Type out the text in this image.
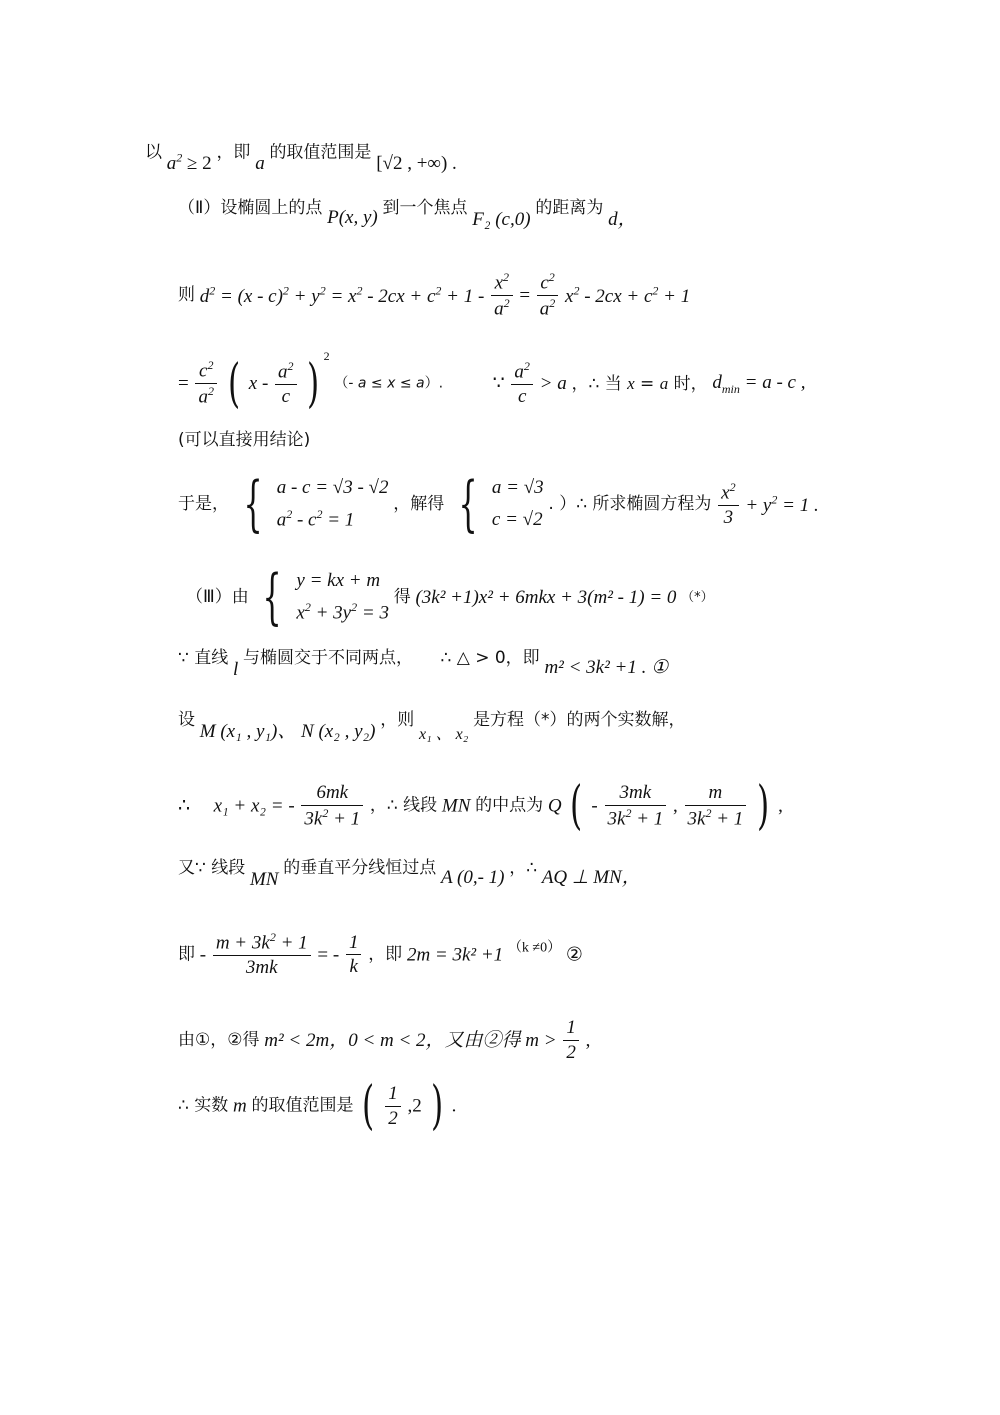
以 $a^2 \ge 2$ ，即 a 的取值范围是 [√2 , +∞) .
（Ⅱ）设椭圆上的点 P(x, y) 到一个焦点 F₂ (c,0) 的距离为 d，
则 $d^2 = (x - c)^2 + y^2 = x^2 - 2cx + c^2 + 1 - \frac{x^2}{a^2} = \frac{c^2}{a^2} x^2 - 2cx + c^2 + 1$
= $\frac{c^2}{a^2}$ ( x - $\frac{a^2}{c}$ ) $^2$ （- a ≤ x ≤ a）.	∵ $\frac{a^2}{c} > a$ ，∴ 当 x = a 时， $d_{min} = a - c$ ,
(可以直接用结论)
于是， { a - c = √3 - √2
$a^2 - c^2 = 1$ ，解得 { a = √3
c = √2 . ）∴ 所求椭圆方程为 $\frac{x^2}{3} + y^2 = 1$ .
（Ⅲ）由 { y = kx + m
$x^2 + 3y^2 = 3$ 得 (3k² +1)x² + 6mkx + 3(m² - 1) = 0 （*）
∵ 直线 l 与椭圆交于不同两点， ∴ △ > 0，即 m² < 3k² +1 . ①
设 M (x₁ , y₁)、 N (x₂ , y₂) ，则 $_{x_1 、 x_2}$ 是方程（*）的两个实数解，
∴ x₁ + x₂ = - $\frac{6mk}{3k^2 + 1}$ ，∴ 线段 MN 的中点为 Q ( - $\frac{3mk}{3k^2 + 1}$ , $\frac{m}{3k^2 + 1}$ ) ,
又∵ 线段 MN 的垂直平分线恒过点 A (0,- 1) ，∴ AQ ⊥ MN，
即 - $\frac{m + 3k^2 + 1}{3mk}$ = - $\frac{1}{k}$ ，即 2m = 3k² +1 $^{(k \ne 0)}$ ②
由①，②得 m² < 2m，0 < m < 2，又由②得 $m > \frac{1}{2}$ ,
∴ 实数 m 的取值范围是 ( $\frac{1}{2} ,2$ ) .
